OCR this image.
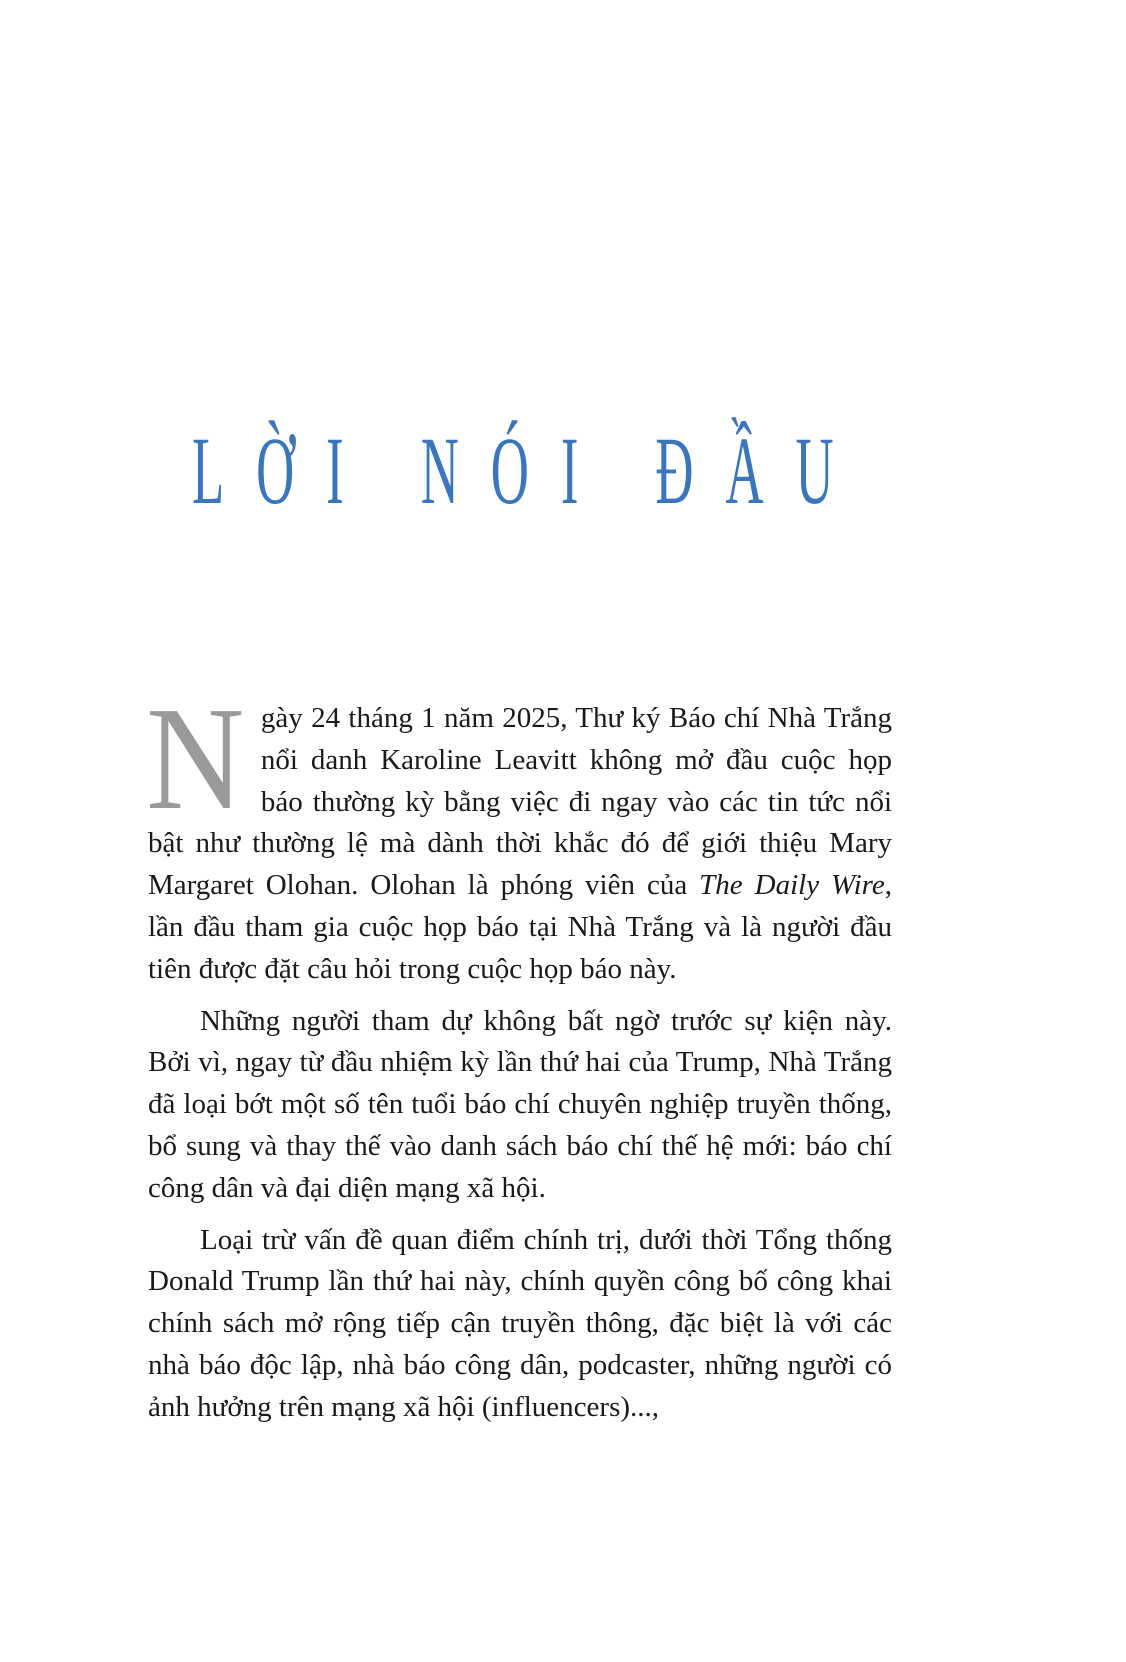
LỜI NÓI ĐẦU

Ngày 24 tháng 1 năm 2025, Thư ký Báo chí Nhà Trắng nổi danh Karoline Leavitt không mở đầu cuộc họp báo thường kỳ bằng việc đi ngay vào các tin tức nổi bật như thường lệ mà dành thời khắc đó để giới thiệu Mary Margaret Olohan. Olohan là phóng viên của The Daily Wire, lần đầu tham gia cuộc họp báo tại Nhà Trắng và là người đầu tiên được đặt câu hỏi trong cuộc họp báo này.

Những người tham dự không bất ngờ trước sự kiện này. Bởi vì, ngay từ đầu nhiệm kỳ lần thứ hai của Trump, Nhà Trắng đã loại bớt một số tên tuổi báo chí chuyên nghiệp truyền thống, bổ sung và thay thế vào danh sách báo chí thế hệ mới: báo chí công dân và đại diện mạng xã hội.

Loại trừ vấn đề quan điểm chính trị, dưới thời Tổng thống Donald Trump lần thứ hai này, chính quyền công bố công khai chính sách mở rộng tiếp cận truyền thông, đặc biệt là với các nhà báo độc lập, nhà báo công dân, podcaster, những người có ảnh hưởng trên mạng xã hội (influencers)...,
